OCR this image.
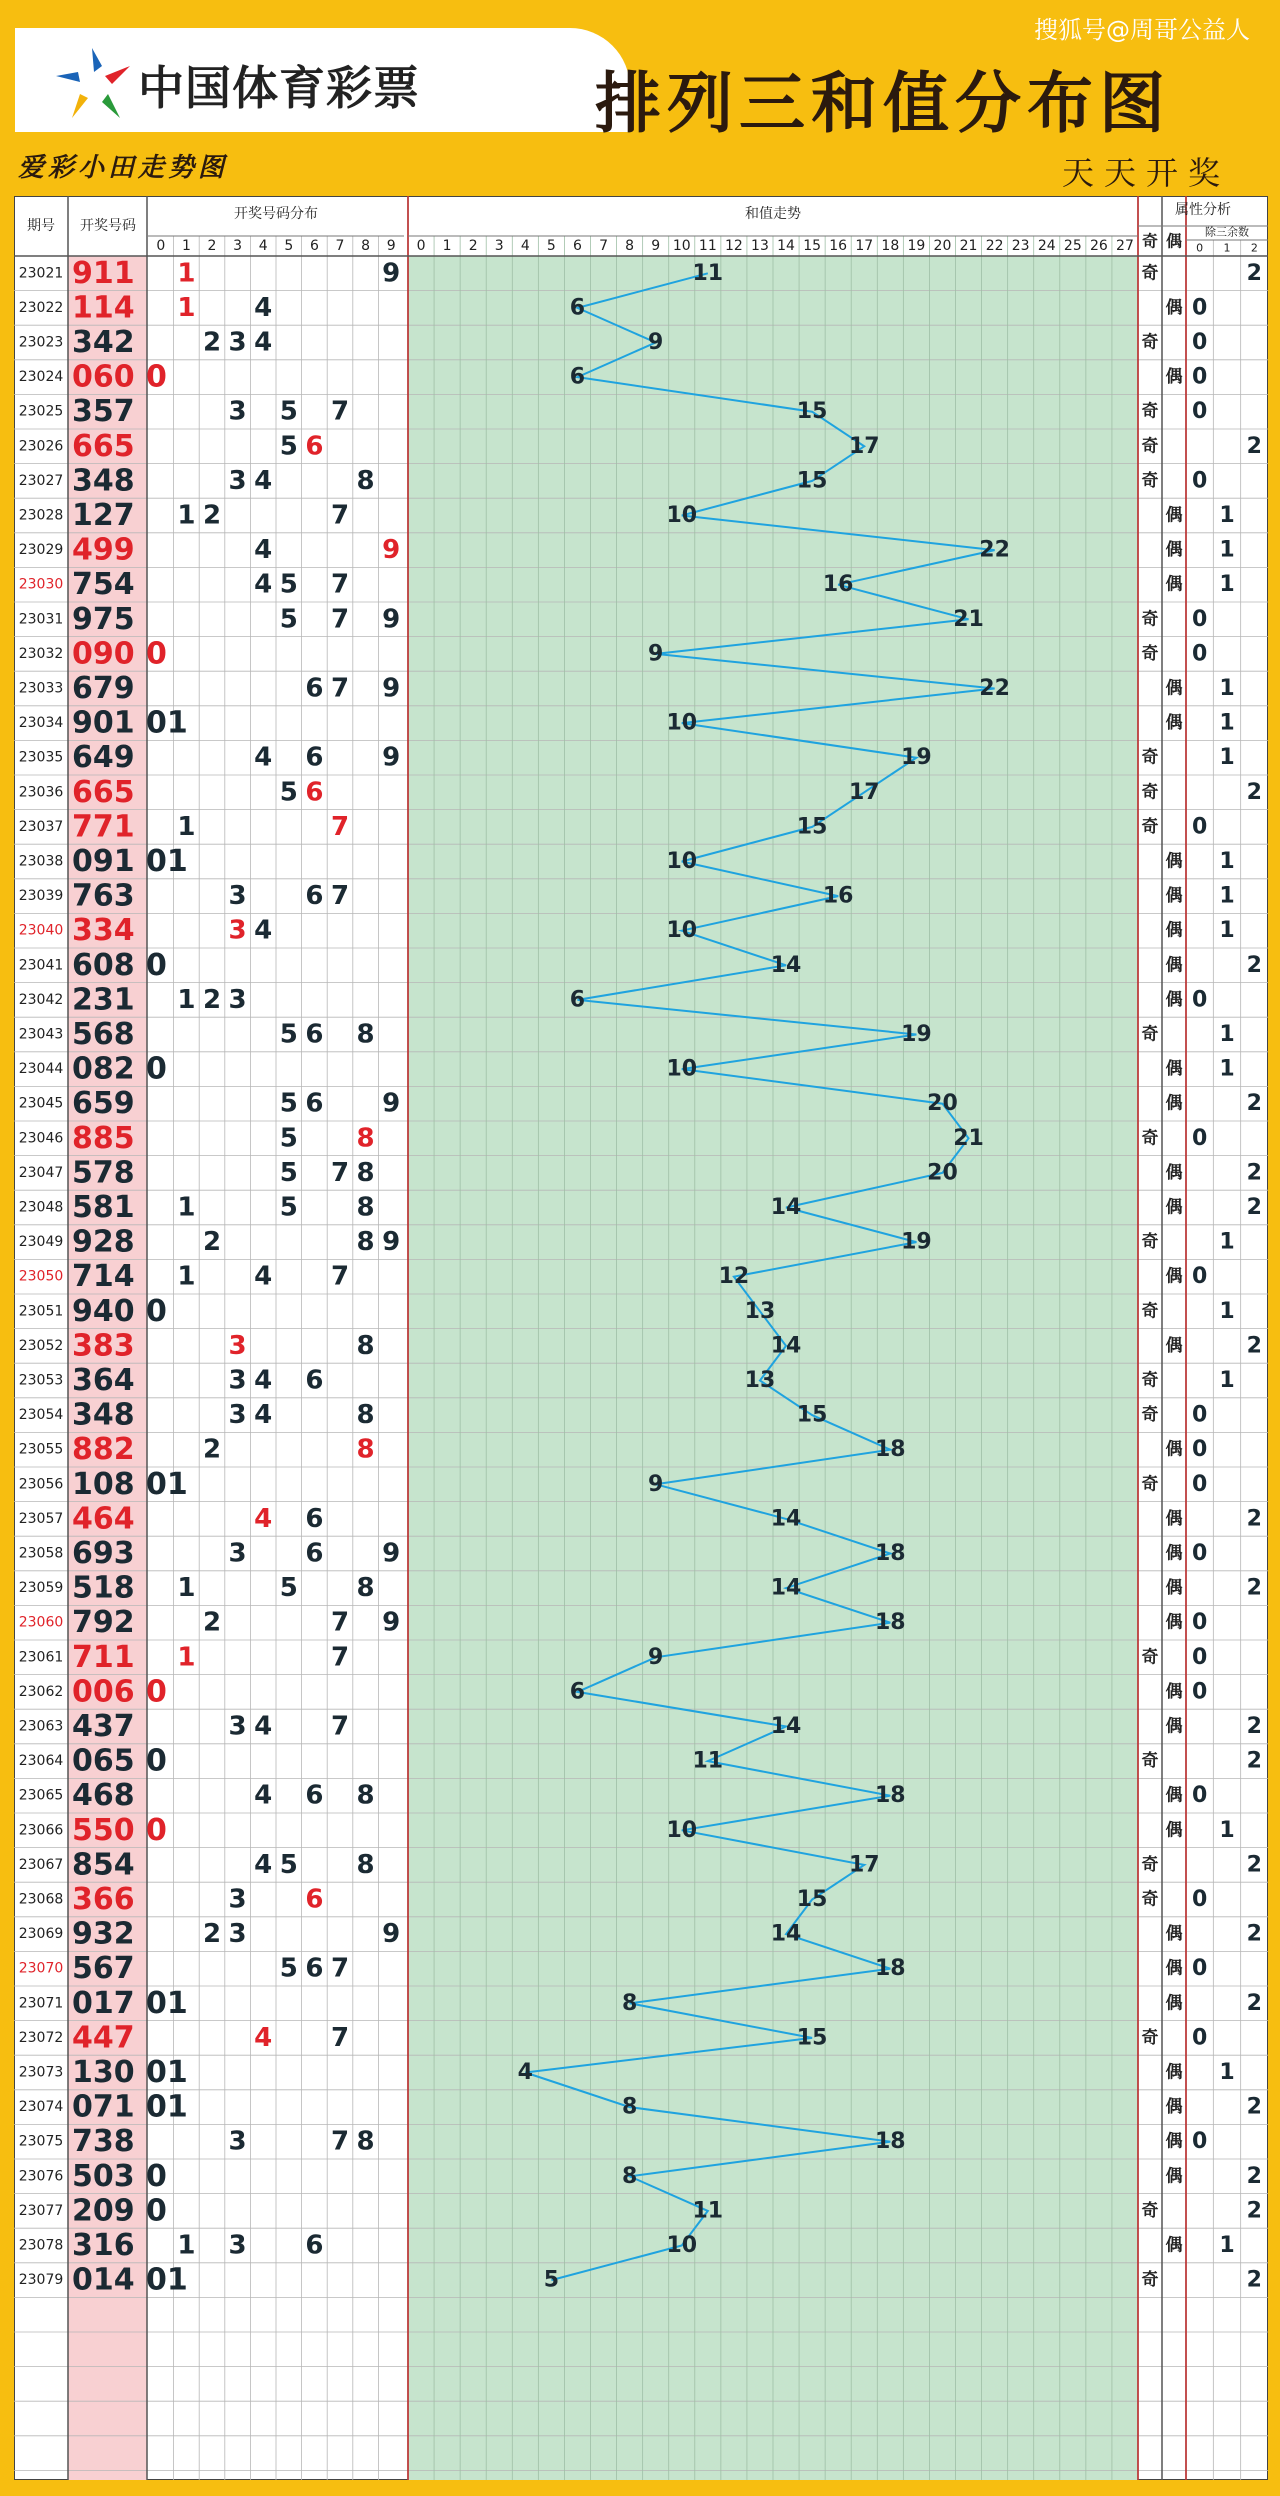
中国体育彩票	排列三和值分布图
搜狐号@周哥公益人
爱彩小田走势图	天天开奖
期号 开奖号码
开奖号码分布	和值走势	属性分析
奇 偶 除三余数
0 1 2 3 4 5 6 7 8 9 0 1 2 3 4 5 6 7 8 9 10 11 12 13 14 15 16 17 18 19 20 21 22 23 24 25 26 27	0 1 2
23021 911 1	9	11	奇	2
23022 114 1 4	6	偶 0
23023 342	2 3 4	9	奇 0
23024 060 0	6	偶 0
23025 357	3 5 7	15	奇 0
23026 665	5 6	17	奇	2
23027 348	3 4	8	15	奇 0
23028 127 1 2	7	10	偶 1
23029 499	4	9	22	偶 1
23030 754	4 5 7	16	偶 1
23031 975	5 7 9	21	奇 0
23032 090 0	9	奇 0
23033 679	6 7 9	22	偶 1
23034 901 01	10	偶 1
23035 649	4 6 9	19	奇	1
23036 665	5 6	17	奇	2
23037 771 1	7	15	奇 0
23038 091 01	10	偶 1
23039 763	3 6 7	16	偶 1
23040 334	3 4	10	偶 1
23041 608 0	14	偶	2
23042 231 1 2 3	6	偶 0
23043 568	5 6 8	19	奇	1
23044 082 0	10	偶 1
23045 659	5 6 9	20	偶	2
23046 885	5 8	21	奇 0
23047 578	5 7 8	20	偶	2
23048 581 1	5 8	14	偶	2
23049 928	2	8 9	19	奇	1
23050 714 1 4 7	12	偶 0
23051 940 0	13	奇	1
23052 383	3	8	14	偶	2
23053 364	3 4 6	13	奇	1
23054 348	3 4	8	15	奇 0
23055 882	2	8	18	偶 0
23056 108 01	9	奇 0
23057 464	4 6	14	偶	2
23058 693	3 6 9	18	偶 0
23059 518 1	5 8	14	偶	2
23060 792	2	7 9	18	偶 0
23061 711 1	7	9	奇 0
23062 006 0	6	偶 0
23063 437	3 4 7	14	偶	2
23064 065 0	11	奇	2
23065 468	4 6 8	18	偶 0
23066 550 0	10	偶 1
23067 854	4 5 8	17	奇	2
23068 366	3 6	15	奇 0
23069 932	2 3	9	14	偶	2
23070 567	5 6 7	18	偶 0
23071 017 01	8	偶	2
23072 447	4 7	15	奇 0
23073 130 01	4	偶 1
23074 071 01	8	偶	2
23075 738	3	7 8	18	偶 0
23076 503 0	8	偶	2
23077 209 0	11	奇	2
23078 316 1 3 6	10	偶 1
23079 014 01	5	奇	2
